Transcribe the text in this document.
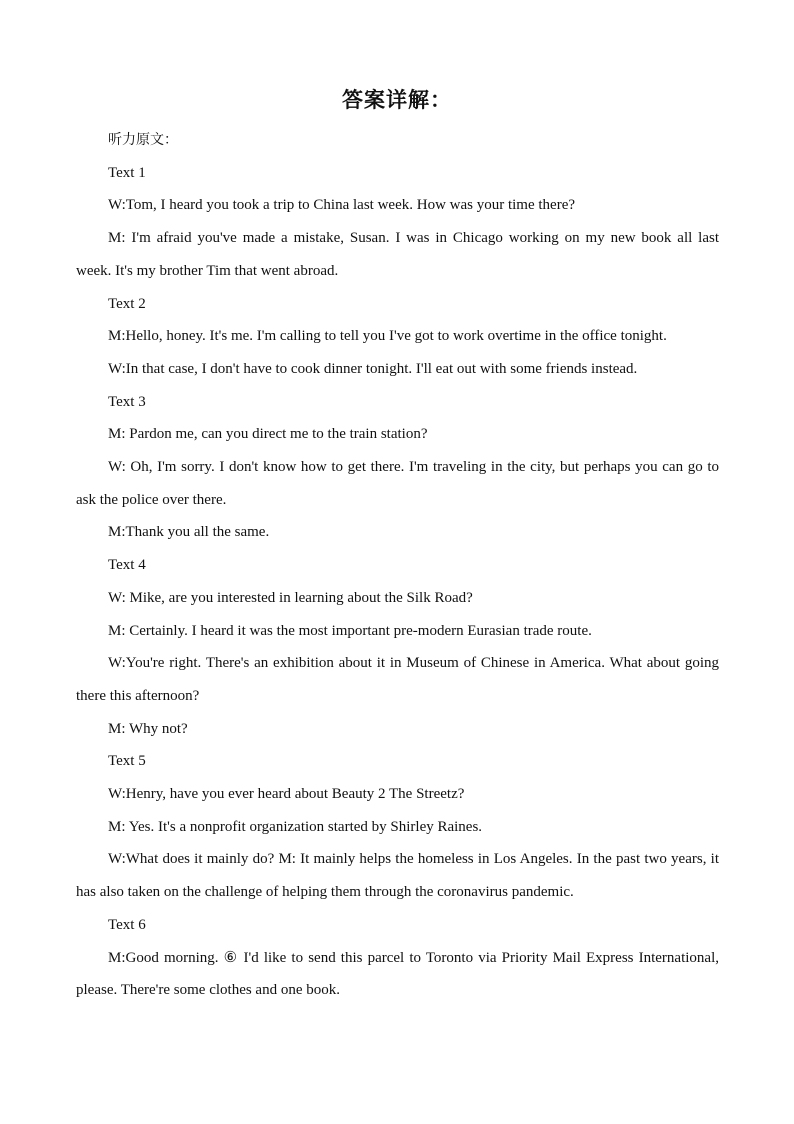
答案详解：

听力原文：

Text 1

W:Tom, I heard you took a trip to China last week. How was your time there?

M: I'm afraid you've made a mistake, Susan. I was in Chicago working on my new book all last week. It's my brother Tim that went abroad.

Text 2

M:Hello, honey. It's me. I'm calling to tell you I've got to work overtime in the office tonight.

W:In that case, I don't have to cook dinner tonight. I'll eat out with some friends instead.

Text 3

M: Pardon me, can you direct me to the train station?

W: Oh, I'm sorry. I don't know how to get there. I'm traveling in the city, but perhaps you can go to ask the police over there.

M:Thank you all the same.

Text 4

W: Mike, are you interested in learning about the Silk Road?

M: Certainly. I heard it was the most important pre-modern Eurasian trade route.

W:You're right. There's an exhibition about it in Museum of Chinese in America. What about going there this afternoon?

M: Why not?

Text 5

W:Henry, have you ever heard about Beauty 2 The Streetz?

M: Yes. It's a nonprofit organization started by Shirley Raines.

W:What does it mainly do? M: It mainly helps the homeless in Los Angeles. In the past two years, it has also taken on the challenge of helping them through the coronavirus pandemic.

Text 6

M:Good morning. ⑥ I'd like to send this parcel to Toronto via Priority Mail Express International, please. There're some clothes and one book.
